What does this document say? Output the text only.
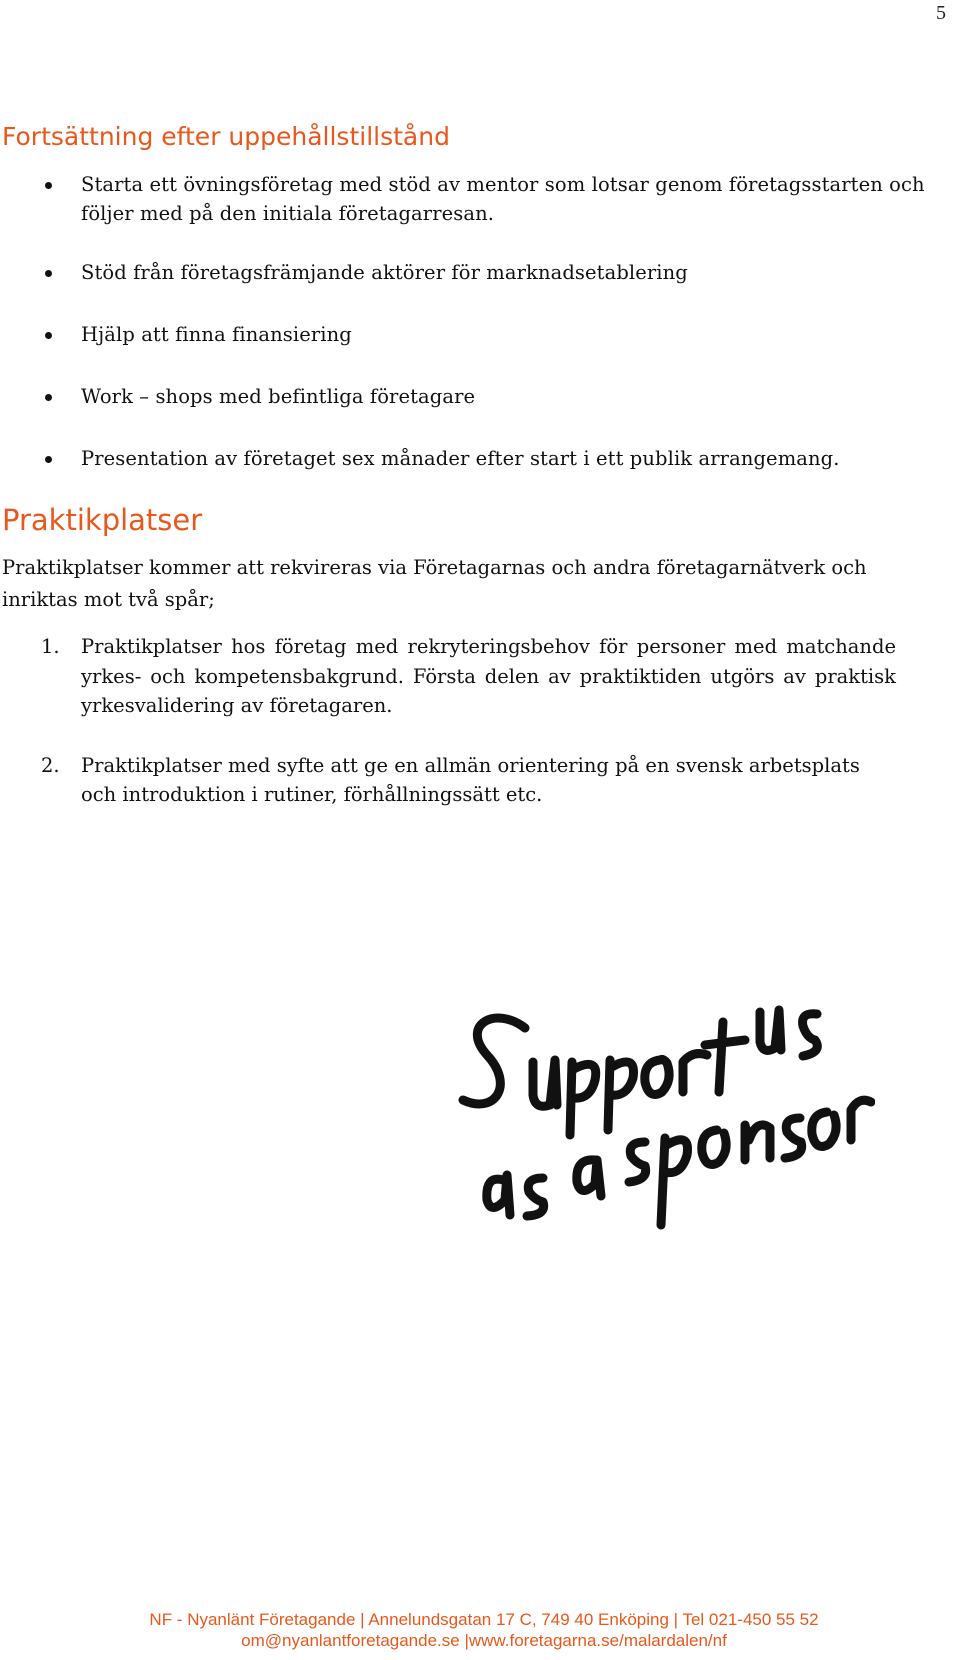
5
Fortsättning efter uppehållstillstånd
Starta ett övningsföretag med stöd av mentor som lotsar genom företagsstarten och följer med på den initiala företagarresan.
Stöd från företagsfrämjande aktörer för marknadsetablering
Hjälp att finna finansiering
Work – shops med befintliga företagare
Presentation av företaget sex månader efter start i ett publik arrangemang.
Praktikplatser

Praktikplatser kommer att rekvireras via Företagarnas och andra företagarnätverk och inriktas mot två spår;

1. Praktikplatser hos företag med rekryteringsbehov för personer med matchande yrkes- och kompetensbakgrund. Första delen av praktiktiden utgörs av praktisk yrkesvalidering av företagaren.
2. Praktikplatser med syfte att ge en allmän orientering på en svensk arbetsplats och introduktion i rutiner, förhållningssätt etc.
NF - Nyanlänt Företagande | Annelundsgatan 17 C, 749 40 Enköping | Tel 021-450 55 52
om@nyanlantforetagande.se |www.foretagarna.se/malardalen/nf
